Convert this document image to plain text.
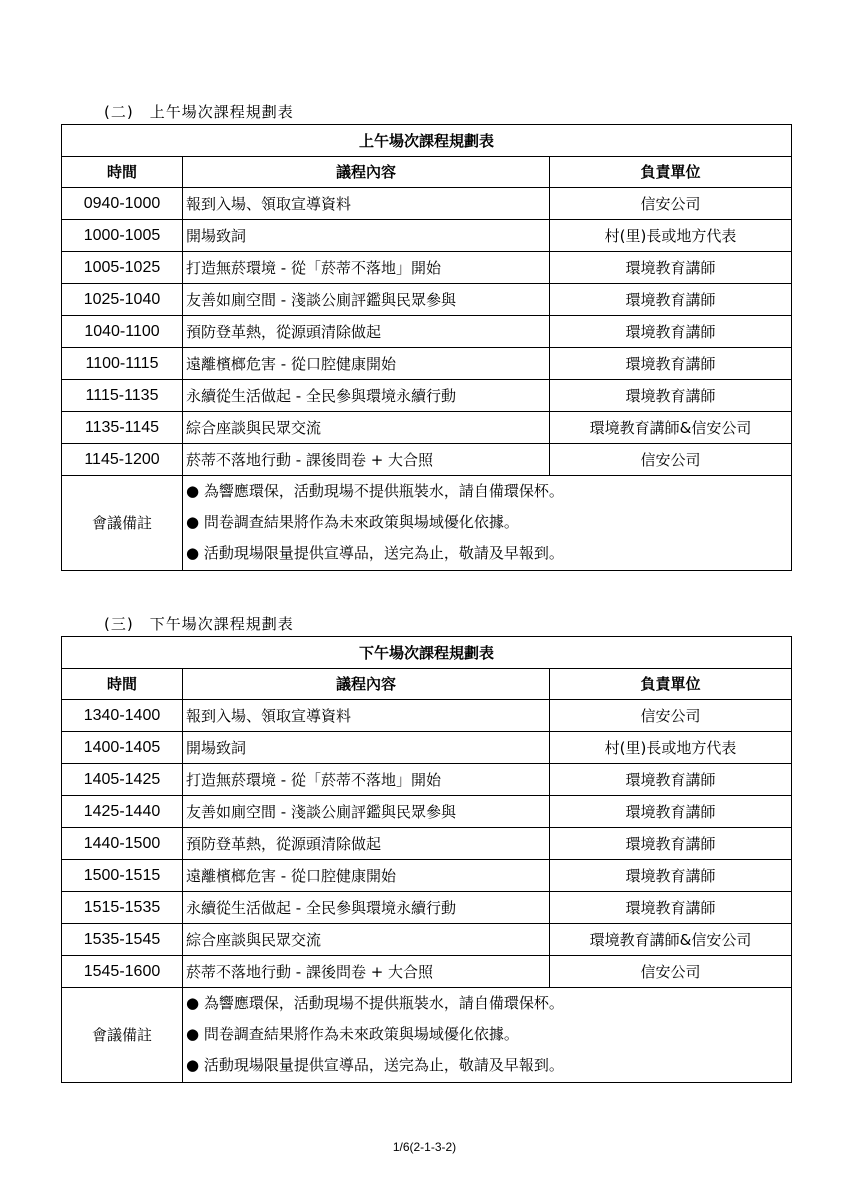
(二)　上午場次課程規劃表
上午場次課程規劃表		
時間	議程內容	負責單位
0940-1000	報到入場、領取宣導資料	信安公司
1000-1005	開場致詞	村(里)長或地方代表
1005-1025	打造無菸環境 - 從「菸蒂不落地」開始	環境教育講師
1025-1040	友善如廁空間 - 淺談公廁評鑑與民眾參與	環境教育講師
1040-1100	預防登革熱，從源頭清除做起	環境教育講師
1100-1115	遠離檳榔危害 - 從口腔健康開始	環境教育講師
1115-1135	永續從生活做起 - 全民參與環境永續行動	環境教育講師
1135-1145	綜合座談與民眾交流	環境教育講師&信安公司
1145-1200	菸蒂不落地行動 - 課後問卷 + 大合照	信安公司
會議備註	● 為響應環保，活動現場不提供瓶裝水，請自備環保杯。
● 問卷調查結果將作為未來政策與場域優化依據。
● 活動現場限量提供宣導品，送完為止，敬請及早報到。	
(三)　下午場次課程規劃表
下午場次課程規劃表		
時間	議程內容	負責單位
1340-1400	報到入場、領取宣導資料	信安公司
1400-1405	開場致詞	村(里)長或地方代表
1405-1425	打造無菸環境 - 從「菸蒂不落地」開始	環境教育講師
1425-1440	友善如廁空間 - 淺談公廁評鑑與民眾參與	環境教育講師
1440-1500	預防登革熱，從源頭清除做起	環境教育講師
1500-1515	遠離檳榔危害 - 從口腔健康開始	環境教育講師
1515-1535	永續從生活做起 - 全民參與環境永續行動	環境教育講師
1535-1545	綜合座談與民眾交流	環境教育講師&信安公司
1545-1600	菸蒂不落地行動 - 課後問卷 + 大合照	信安公司
會議備註	● 為響應環保，活動現場不提供瓶裝水，請自備環保杯。
● 問卷調查結果將作為未來政策與場域優化依據。
● 活動現場限量提供宣導品，送完為止，敬請及早報到。	
1/6(2-1-3-2)
